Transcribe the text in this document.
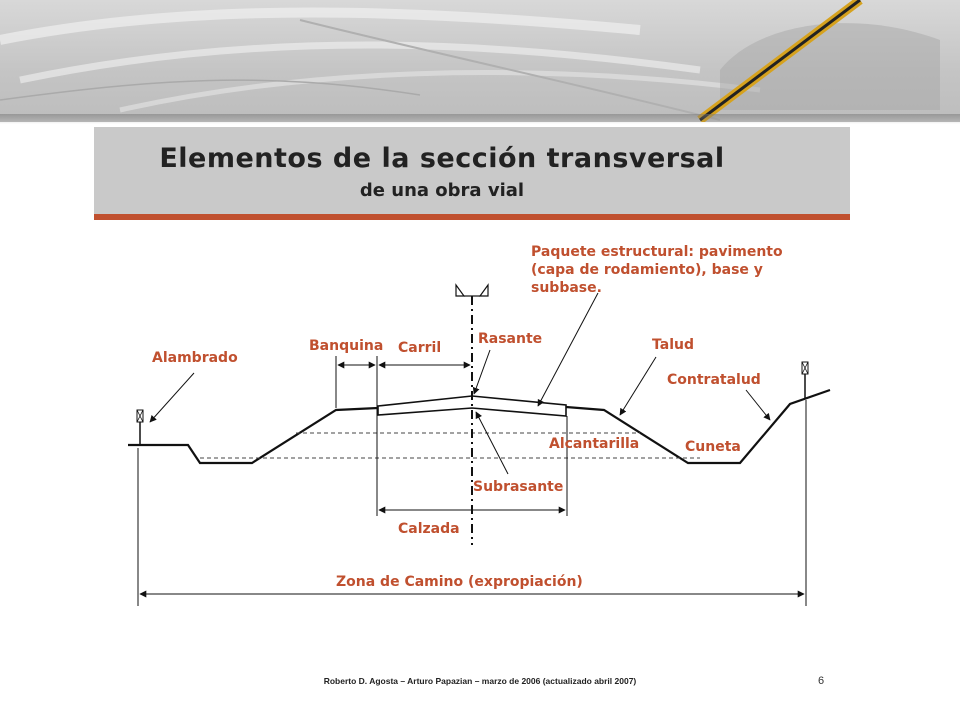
Elementos de la sección transversal
de una obra vial
Alambrado
Banquina Carril
Rasante
Paquete estructural: pavimento
(capa de rodamiento), base y
subbase.
Talud
Contratalud
Alcantarilla	Cuneta
Subrasante
Calzada
Zona de Camino (expropiación)
Roberto D. Agosta – Arturo Papazian – marzo de 2006 (actualizado abril 2007)	6
